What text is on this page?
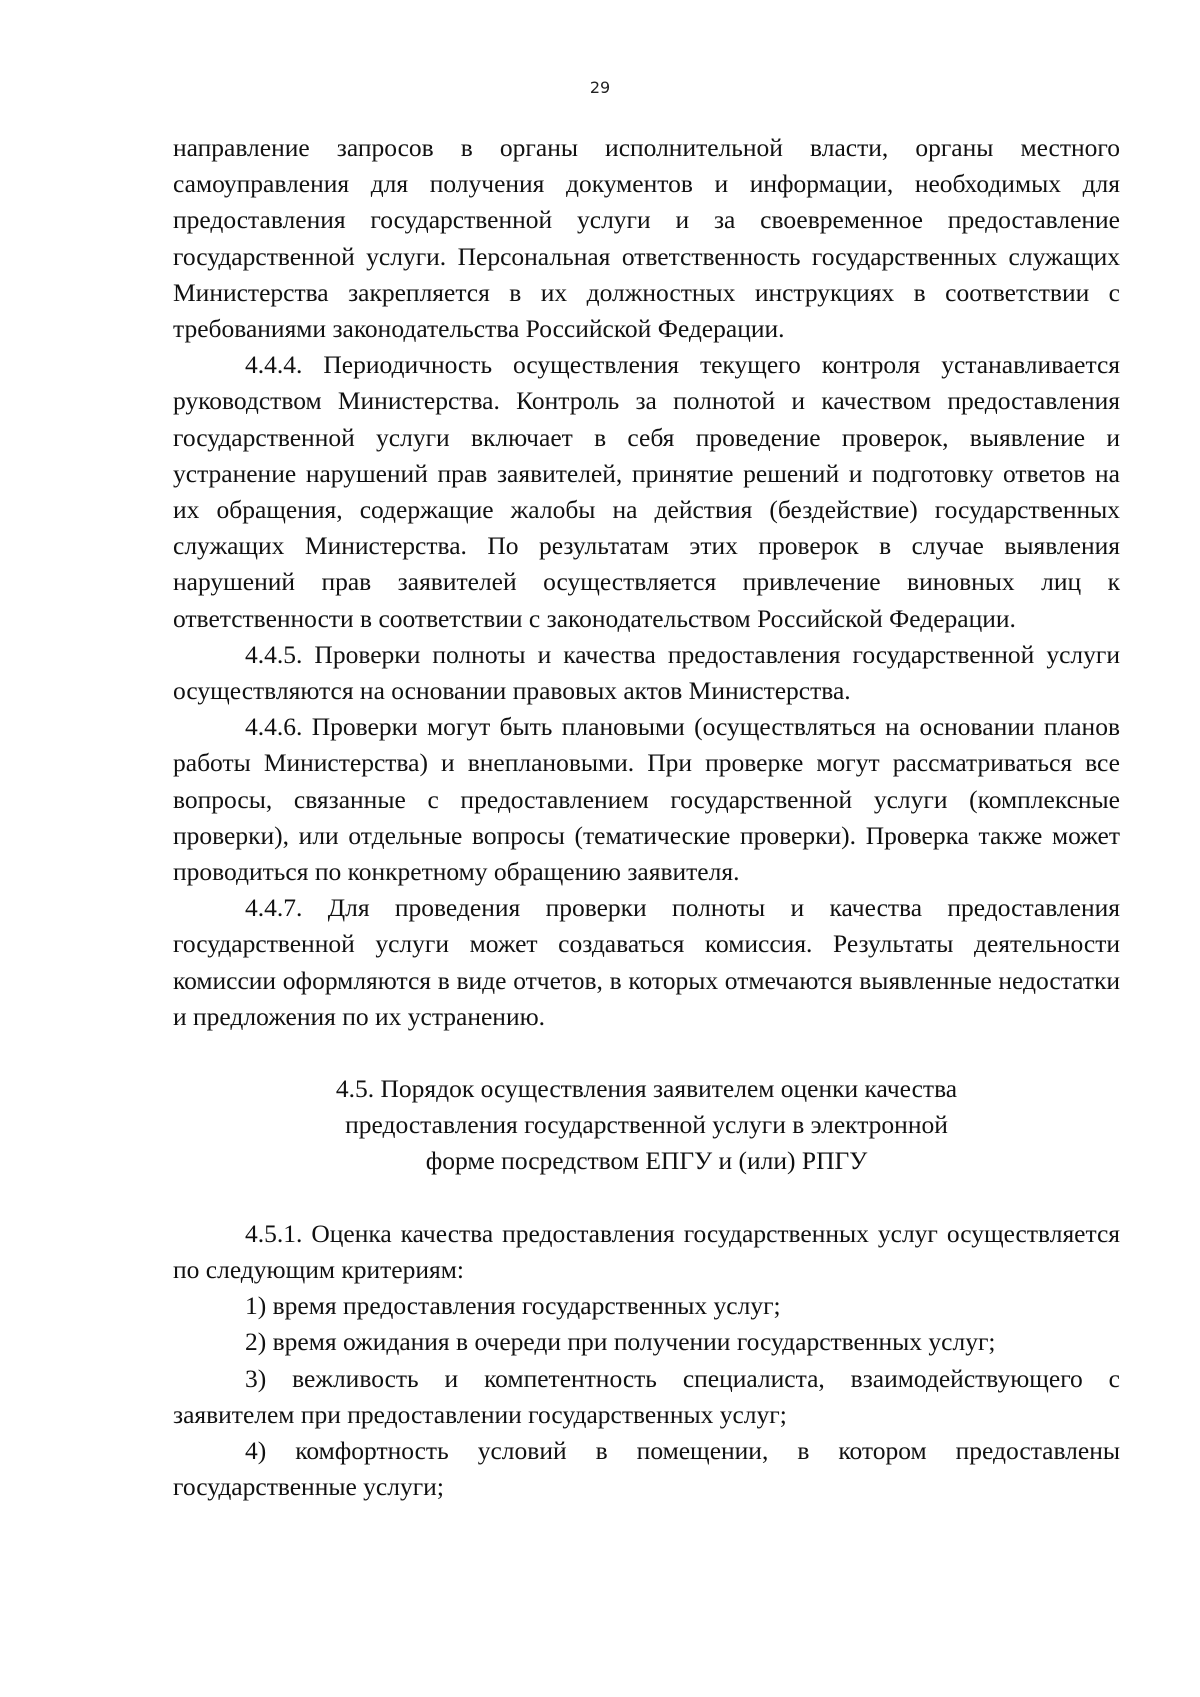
29

направление запросов в органы исполнительной власти, органы местного самоуправления для получения документов и информации, необходимых для предоставления государственной услуги и за своевременное предоставление государственной услуги. Персональная ответственность государственных служащих Министерства закрепляется в их должностных инструкциях в соответствии с требованиями законодательства Российской Федерации.

4.4.4. Периодичность осуществления текущего контроля устанавливается руководством Министерства. Контроль за полнотой и качеством предоставления государственной услуги включает в себя проведение проверок, выявление и устранение нарушений прав заявителей, принятие решений и подготовку ответов на их обращения, содержащие жалобы на действия (бездействие) государственных служащих Министерства. По результатам этих проверок в случае выявления нарушений прав заявителей осуществляется привлечение виновных лиц к ответственности в соответствии с законодательством Российской Федерации.

4.4.5. Проверки полноты и качества предоставления государственной услуги осуществляются на основании правовых актов Министерства.

4.4.6. Проверки могут быть плановыми (осуществляться на основании планов работы Министерства) и внеплановыми. При проверке могут рассматриваться все вопросы, связанные с предоставлением государственной услуги (комплексные проверки), или отдельные вопросы (тематические проверки). Проверка также может проводиться по конкретному обращению заявителя.

4.4.7. Для проведения проверки полноты и качества предоставления государственной услуги может создаваться комиссия. Результаты деятельности комиссии оформляются в виде отчетов, в которых отмечаются выявленные недостатки и предложения по их устранению.

4.5. Порядок осуществления заявителем оценки качества
предоставления государственной услуги в электронной
форме посредством ЕПГУ и (или) РПГУ

4.5.1. Оценка качества предоставления государственных услуг осуществляется по следующим критериям:

1) время предоставления государственных услуг;

2) время ожидания в очереди при получении государственных услуг;

3) вежливость и компетентность специалиста, взаимодействующего с заявителем при предоставлении государственных услуг;

4) комфортность условий в помещении, в котором предоставлены государственные услуги;
